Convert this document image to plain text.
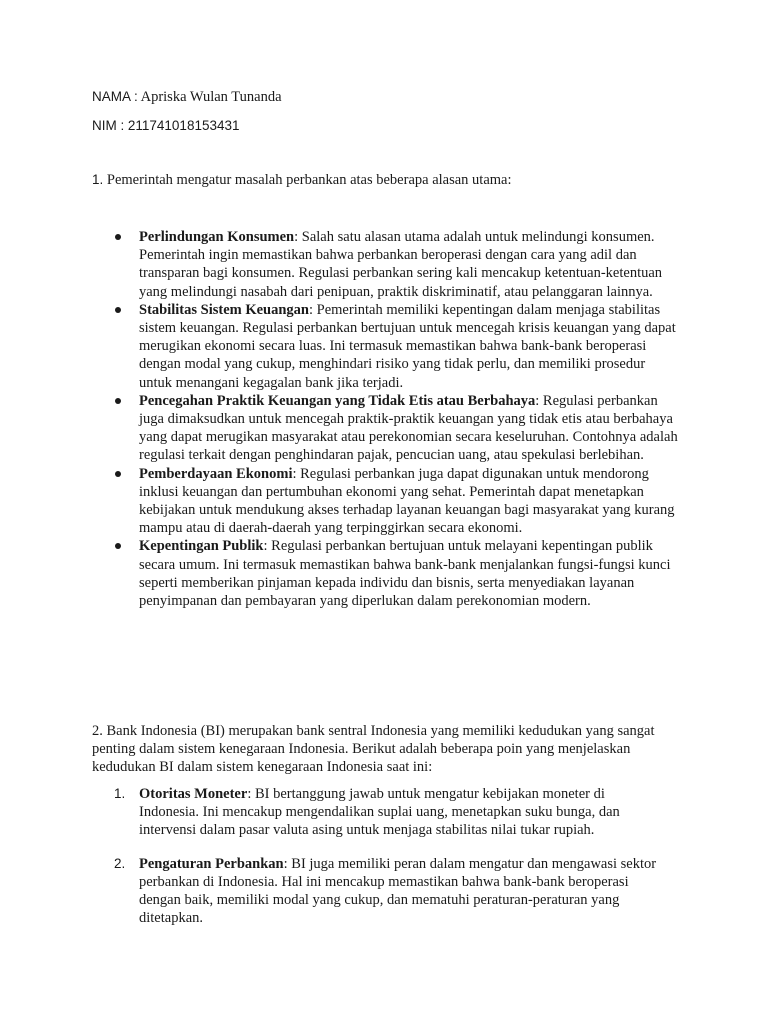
NAMA : Apriska Wulan Tunanda
NIM : 211741018153431
1. Pemerintah mengatur masalah perbankan atas beberapa alasan utama:
Perlindungan Konsumen: Salah satu alasan utama adalah untuk melindungi konsumen. Pemerintah ingin memastikan bahwa perbankan beroperasi dengan cara yang adil dan transparan bagi konsumen. Regulasi perbankan sering kali mencakup ketentuan-ketentuan yang melindungi nasabah dari penipuan, praktik diskriminatif, atau pelanggaran lainnya.
Stabilitas Sistem Keuangan: Pemerintah memiliki kepentingan dalam menjaga stabilitas sistem keuangan. Regulasi perbankan bertujuan untuk mencegah krisis keuangan yang dapat merugikan ekonomi secara luas. Ini termasuk memastikan bahwa bank-bank beroperasi dengan modal yang cukup, menghindari risiko yang tidak perlu, dan memiliki prosedur untuk menangani kegagalan bank jika terjadi.
Pencegahan Praktik Keuangan yang Tidak Etis atau Berbahaya: Regulasi perbankan juga dimaksudkan untuk mencegah praktik-praktik keuangan yang tidak etis atau berbahaya yang dapat merugikan masyarakat atau perekonomian secara keseluruhan. Contohnya adalah regulasi terkait dengan penghindaran pajak, pencucian uang, atau spekulasi berlebihan.
Pemberdayaan Ekonomi: Regulasi perbankan juga dapat digunakan untuk mendorong inklusi keuangan dan pertumbuhan ekonomi yang sehat. Pemerintah dapat menetapkan kebijakan untuk mendukung akses terhadap layanan keuangan bagi masyarakat yang kurang mampu atau di daerah-daerah yang terpinggirkan secara ekonomi.
Kepentingan Publik: Regulasi perbankan bertujuan untuk melayani kepentingan publik secara umum. Ini termasuk memastikan bahwa bank-bank menjalankan fungsi-fungsi kunci seperti memberikan pinjaman kepada individu dan bisnis, serta menyediakan layanan penyimpanan dan pembayaran yang diperlukan dalam perekonomian modern.
2. Bank Indonesia (BI) merupakan bank sentral Indonesia yang memiliki kedudukan yang sangat penting dalam sistem kenegaraan Indonesia. Berikut adalah beberapa poin yang menjelaskan kedudukan BI dalam sistem kenegaraan Indonesia saat ini:
1. Otoritas Moneter: BI bertanggung jawab untuk mengatur kebijakan moneter di Indonesia. Ini mencakup mengendalikan suplai uang, menetapkan suku bunga, dan intervensi dalam pasar valuta asing untuk menjaga stabilitas nilai tukar rupiah.
2. Pengaturan Perbankan: BI juga memiliki peran dalam mengatur dan mengawasi sektor perbankan di Indonesia. Hal ini mencakup memastikan bahwa bank-bank beroperasi dengan baik, memiliki modal yang cukup, dan mematuhi peraturan-peraturan yang ditetapkan.
